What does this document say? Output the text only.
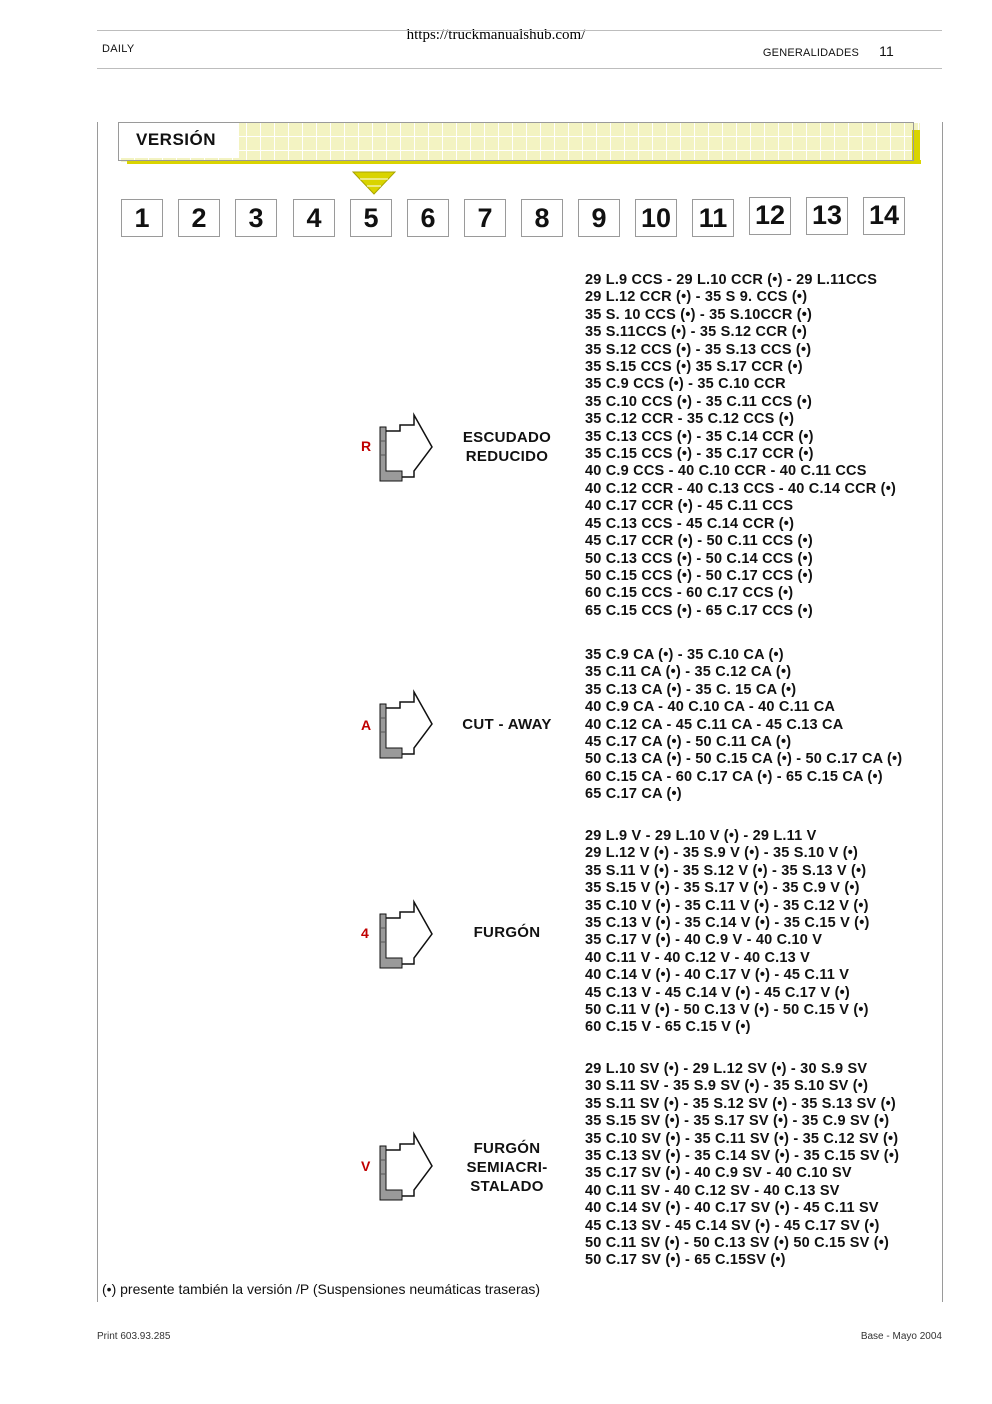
https://truckmanualshub.com/
DAILY	GENERALIDADES 11
VERSIÓN
1	2	3	4	5	6	7	8	9	10 11 12 13 14
R	ESCUDADO
REDUCIDO
29 L.9 CCS - 29 L.10 CCR (•) - 29 L.11CCS
29 L.12 CCR (•) - 35 S 9. CCS (•)
35 S. 10 CCS (•) - 35 S.10CCR (•)
35 S.11CCS (•) - 35 S.12 CCR (•)
35 S.12 CCS (•) - 35 S.13 CCS (•)
35 S.15 CCS (•) 35 S.17 CCR (•)
35 C.9 CCS (•) - 35 C.10 CCR
35 C.10 CCS (•) - 35 C.11 CCS (•)
35 C.12 CCR - 35 C.12 CCS (•)
35 C.13 CCS (•) - 35 C.14 CCR (•)
35 C.15 CCS (•) - 35 C.17 CCR (•)
40 C.9 CCS - 40 C.10 CCR - 40 C.11 CCS
40 C.12 CCR - 40 C.13 CCS - 40 C.14 CCR (•)
40 C.17 CCR (•) - 45 C.11 CCS
45 C.13 CCS - 45 C.14 CCR (•)
45 C.17 CCR (•) - 50 C.11 CCS (•)
50 C.13 CCS (•) - 50 C.14 CCS (•)
50 C.15 CCS (•) - 50 C.17 CCS (•)
60 C.15 CCS - 60 C.17 CCS (•)
65 C.15 CCS (•) - 65 C.17 CCS (•)
A	CUT - AWAY
35 C.9 CA (•) - 35 C.10 CA (•)
35 C.11 CA (•) - 35 C.12 CA (•)
35 C.13 CA (•) - 35 C. 15 CA (•)
40 C.9 CA - 40 C.10 CA - 40 C.11 CA
40 C.12 CA - 45 C.11 CA - 45 C.13 CA
45 C.17 CA (•) - 50 C.11 CA (•)
50 C.13 CA (•) - 50 C.15 CA (•) - 50 C.17 CA (•)
60 C.15 CA - 60 C.17 CA (•) - 65 C.15 CA (•)
65 C.17 CA (•)
4	FURGÓN
29 L.9 V - 29 L.10 V (•) - 29 L.11 V
29 L.12 V (•) - 35 S.9 V (•) - 35 S.10 V (•)
35 S.11 V (•) - 35 S.12 V (•) - 35 S.13 V (•)
35 S.15 V (•) - 35 S.17 V (•) - 35 C.9 V (•)
35 C.10 V (•) - 35 C.11 V (•) - 35 C.12 V (•)
35 C.13 V (•) - 35 C.14 V (•) - 35 C.15 V (•)
35 C.17 V (•) - 40 C.9 V - 40 C.10 V
40 C.11 V - 40 C.12 V - 40 C.13 V
40 C.14 V (•) - 40 C.17 V (•) - 45 C.11 V
45 C.13 V - 45 C.14 V (•) - 45 C.17 V (•)
50 C.11 V (•) - 50 C.13 V (•) - 50 C.15 V (•)
60 C.15 V - 65 C.15 V (•)
V
FURGÓN
SEMIACRI-
STALADO
29 L.10 SV (•) - 29 L.12 SV (•) - 30 S.9 SV
30 S.11 SV - 35 S.9 SV (•) - 35 S.10 SV (•)
35 S.11 SV (•) - 35 S.12 SV (•) - 35 S.13 SV (•)
35 S.15 SV (•) - 35 S.17 SV (•) - 35 C.9 SV (•)
35 C.10 SV (•) - 35 C.11 SV (•) - 35 C.12 SV (•)
35 C.13 SV (•) - 35 C.14 SV (•) - 35 C.15 SV (•)
35 C.17 SV (•) - 40 C.9 SV - 40 C.10 SV
40 C.11 SV - 40 C.12 SV - 40 C.13 SV
40 C.14 SV (•) - 40 C.17 SV (•) - 45 C.11 SV
45 C.13 SV - 45 C.14 SV (•) - 45 C.17 SV (•)
50 C.11 SV (•) - 50 C.13 SV (•) 50 C.15 SV (•)
50 C.17 SV (•) - 65 C.15SV (•)
(•) presente también la versión /P (Suspensiones neumáticas traseras)
Print 603.93.285	Base - Mayo 2004
